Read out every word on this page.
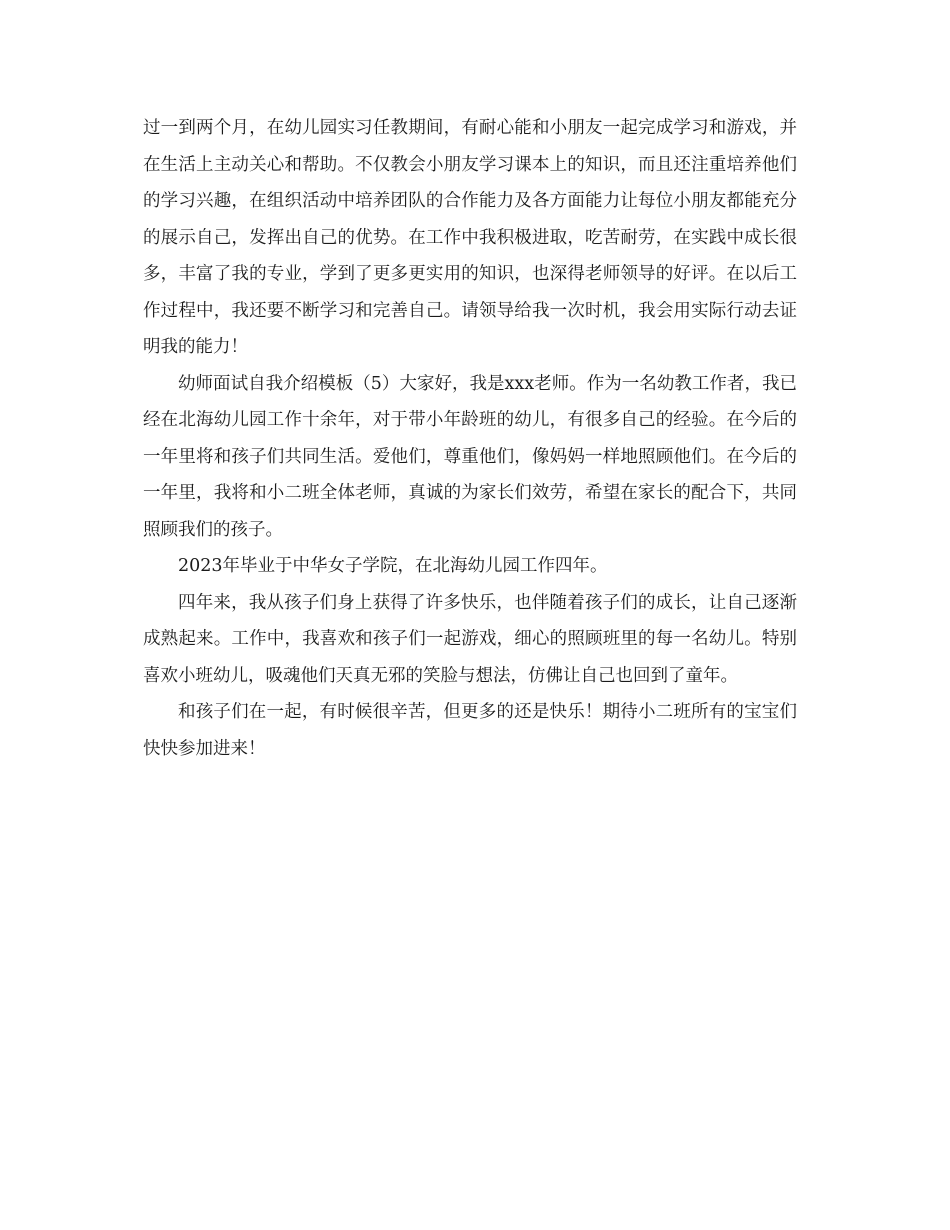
过一到两个月，在幼儿园实习任教期间，有耐心能和小朋友一起完成学习和游戏，并在生活上主动关心和帮助。不仅教会小朋友学习课本上的知识，而且还注重培养他们的学习兴趣，在组织活动中培养团队的合作能力及各方面能力让每位小朋友都能充分的展示自己，发挥出自己的优势。在工作中我积极进取，吃苦耐劳，在实践中成长很多，丰富了我的专业，学到了更多更实用的知识，也深得老师领导的好评。在以后工作过程中，我还要不断学习和完善自己。请领导给我一次时机，我会用实际行动去证明我的能力！

幼师面试自我介绍模板（5）大家好，我是xxx老师。作为一名幼教工作者，我已经在北海幼儿园工作十余年，对于带小年龄班的幼儿，有很多自己的经验。在今后的一年里将和孩子们共同生活。爱他们，尊重他们，像妈妈一样地照顾他们。在今后的一年里，我将和小二班全体老师，真诚的为家长们效劳，希望在家长的配合下，共同照顾我们的孩子。

2023年毕业于中华女子学院，在北海幼儿园工作四年。

四年来，我从孩子们身上获得了许多快乐，也伴随着孩子们的成长，让自己逐渐成熟起来。工作中，我喜欢和孩子们一起游戏，细心的照顾班里的每一名幼儿。特别喜欢小班幼儿，吸魂他们天真无邪的笑脸与想法，仿佛让自己也回到了童年。

和孩子们在一起，有时候很辛苦，但更多的还是快乐！期待小二班所有的宝宝们快快参加进来！
